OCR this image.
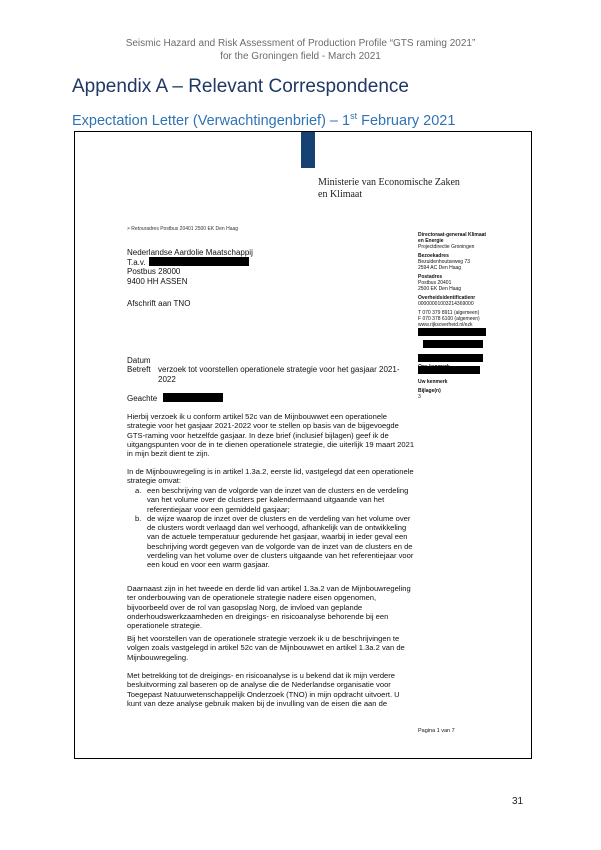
Seismic Hazard and Risk Assessment of Production Profile “GTS raming 2021”
for the Groningen field - March 2021
Appendix A – Relevant Correspondence
Expectation Letter (Verwachtingenbrief) – 1st February 2021
Ministerie van Economische Zaken
en Klimaat
> Retouradres Postbus 20401 2500 EK Den Haag
Nederlandse Aardolie Maatschappij
T.a.v.
Postbus 28000
9400 HH ASSEN
Afschrift aan TNO
Directoraat-generaal Klimaat
en Energie
Projectdirectie Groningen
Bezoekadres
Bezuidenhoutseweg 73
2594 AC Den Haag
Postadres
Postbus 20401
2500 EK Den Haag
Overheidsidentificatienr
00000001003214369000
T 070 379 8911 (algemeen)
F 070 378 6100 (algemeen)
www.rijksoverheid.nl/ezk
Uw kenmerk
Bijlage(n)
3
Datum
Betreft verzoek tot voorstellen operationele strategie voor het gasjaar 2021-2022
Geachte

Hierbij verzoek ik u conform artikel 52c van de Mijnbouwwet een operationele strategie voor het gasjaar 2021-2022 voor te stellen op basis van de bijgevoegde GTS-raming voor hetzelfde gasjaar. In deze brief (inclusief bijlagen) geef ik de uitgangspunten voor de in te dienen operationele strategie, die uiterlijk 19 maart 2021 in mijn bezit dient te zijn.

In de Mijnbouwregeling is in artikel 1.3a.2, eerste lid, vastgelegd dat een operationele strategie omvat:

a. een beschrijving van de volgorde van de inzet van de clusters en de verdeling van het volume over de clusters per kalendermaand uitgaande van het referentiejaar voor een gemiddeld gasjaar;
b. de wijze waarop de inzet over de clusters en de verdeling van het volume over de clusters wordt verlaagd dan wel verhoogd, afhankelijk van de ontwikkeling van de actuele temperatuur gedurende het gasjaar, waarbij in ieder geval een beschrijving wordt gegeven van de volgorde van de inzet van de clusters en de verdeling van het volume over de clusters uitgaande van het referentiejaar voor een koud en voor een warm gasjaar.

Daarnaast zijn in het tweede en derde lid van artikel 1.3a.2 van de Mijnbouwregeling ter onderbouwing van de operationele strategie nadere eisen opgenomen, bijvoorbeeld over de rol van gasopslag Norg, de invloed van geplande onderhoudswerkzaamheden en dreigings- en risicoanalyse behorende bij een operationele strategie.

Bij het voorstellen van de operationele strategie verzoek ik u de beschrijvingen te volgen zoals vastgelegd in artikel 52c van de Mijnbouwwet en artikel 1.3a.2 van de Mijnbouwregeling.

Met betrekking tot de dreigings- en risicoanalyse is u bekend dat ik mijn verdere besluitvorming zal baseren op de analyse die de Nederlandse organisatie voor Toegepast Natuurwetenschappelijk Onderzoek (TNO) in mijn opdracht uitvoert. U kunt van deze analyse gebruik maken bij de invulling van de eisen die aan de

Pagina 1 van 7
31
